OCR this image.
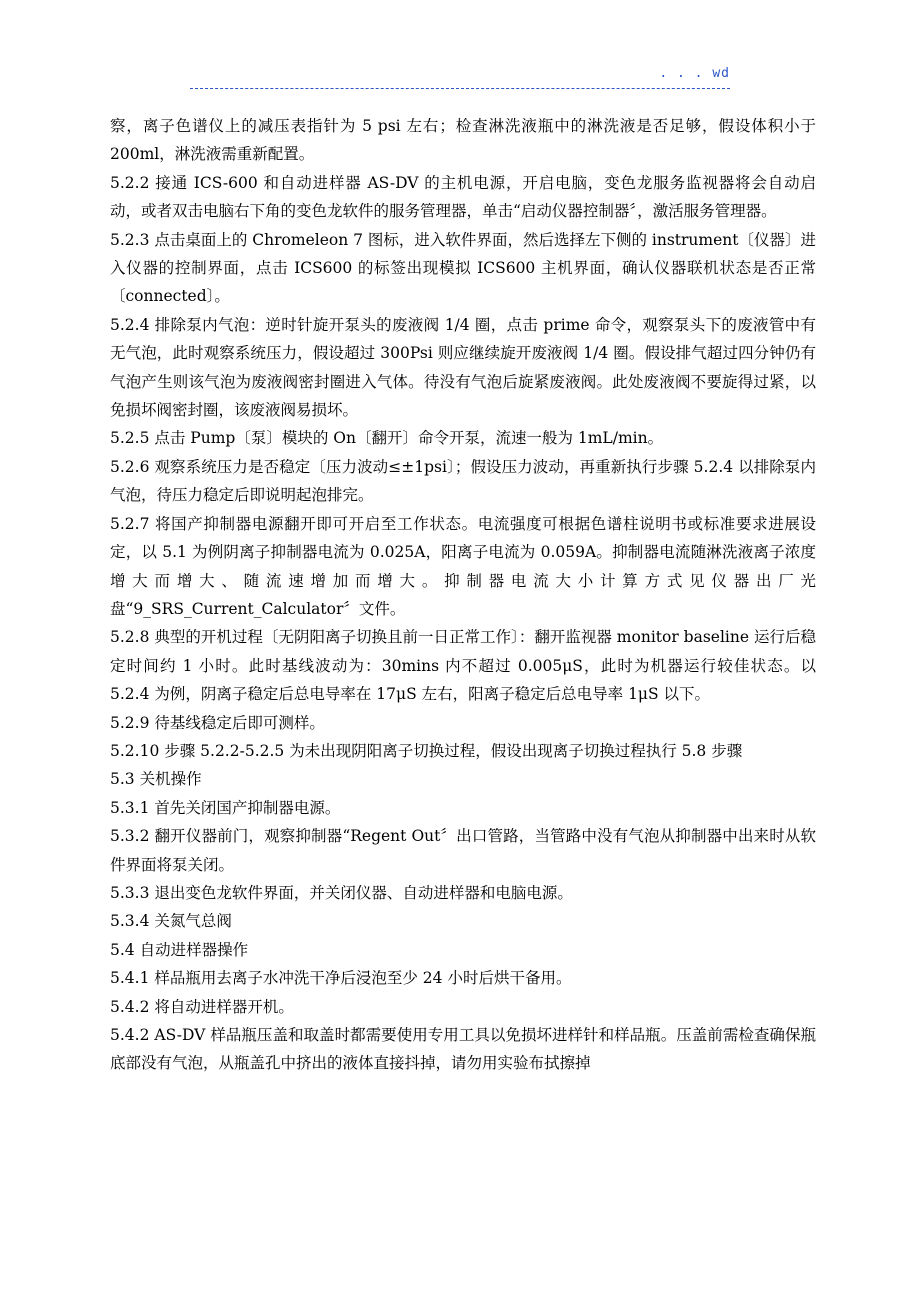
. . . wd

察，离子色谱仪上的减压表指针为 5 psi 左右；检查淋洗液瓶中的淋洗液是否足够，假设体积小于 200ml，淋洗液需重新配置。

5.2.2 接通 ICS-600 和自动进样器 AS-DV 的主机电源，开启电脑，变色龙服务监视器将会自动启动，或者双击电脑右下角的变色龙软件的服务管理器，单击“启动仪器控制器〞，激活服务管理器。

5.2.3 点击桌面上的 Chromeleon 7 图标，进入软件界面，然后选择左下侧的 instrument〔仪器〕进入仪器的控制界面，点击 ICS600 的标签出现模拟 ICS600 主机界面，确认仪器联机状态是否正常〔connected〕。

5.2.4 排除泵内气泡：逆时针旋开泵头的废液阀 1/4 圈，点击 prime 命令，观察泵头下的废液管中有无气泡，此时观察系统压力，假设超过 300Psi 则应继续旋开废液阀 1/4 圈。假设排气超过四分钟仍有气泡产生则该气泡为废液阀密封圈进入气体。待没有气泡后旋紧废液阀。此处废液阀不要旋得过紧，以免损坏阀密封圈，该废液阀易损坏。

5.2.5 点击 Pump〔泵〕模块的 On〔翻开〕命令开泵，流速一般为 1mL/min。

5.2.6 观察系统压力是否稳定〔压力波动≤±1psi〕；假设压力波动，再重新执行步骤 5.2.4 以排除泵内气泡，待压力稳定后即说明起泡排完。

5.2.7 将国产抑制器电源翻开即可开启至工作状态。电流强度可根据色谱柱说明书或标准要求进展设定，以 5.1 为例阴离子抑制器电流为 0.025A，阳离子电流为 0.059A。抑制器电流随淋洗液离子浓度增大而增大、随流速增加而增大。抑制器电流大小计算方式见仪器出厂光盘“9_SRS_Current_Calculator〞文件。

5.2.8 典型的开机过程〔无阴阳离子切换且前一日正常工作〕：翻开监视器 monitor baseline 运行后稳定时间约 1 小时。此时基线波动为：30mins 内不超过 0.005μS，此时为机器运行较佳状态。以 5.2.4 为例，阴离子稳定后总电导率在 17μS 左右，阳离子稳定后总电导率 1μS 以下。

5.2.9 待基线稳定后即可测样。

5.2.10 步骤 5.2.2-5.2.5 为未出现阴阳离子切换过程，假设出现离子切换过程执行 5.8 步骤

5.3 关机操作

5.3.1 首先关闭国产抑制器电源。

5.3.2 翻开仪器前门，观察抑制器“Regent Out〞出口管路，当管路中没有气泡从抑制器中出来时从软件界面将泵关闭。

5.3.3 退出变色龙软件界面，并关闭仪器、自动进样器和电脑电源。

5.3.4 关氮气总阀

5.4 自动进样器操作

5.4.1 样品瓶用去离子水冲洗干净后浸泡至少 24 小时后烘干备用。

5.4.2 将自动进样器开机。

5.4.2 AS-DV 样品瓶压盖和取盖时都需要使用专用工具以免损坏进样针和样品瓶。压盖前需检查确保瓶底部没有气泡，从瓶盖孔中挤出的液体直接抖掉，请勿用实验布拭擦掉
